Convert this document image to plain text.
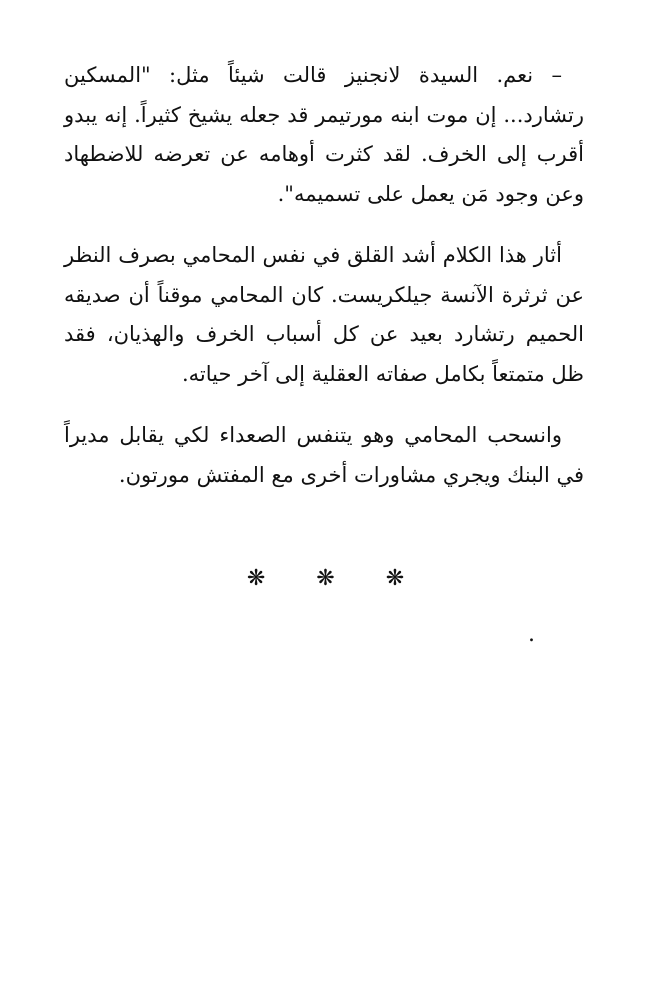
– نعم. السيدة لانجنيز قالت شيئاً مثل: "المسكين رتشارد... إن موت ابنه مورتيمر قد جعله يشيخ كثيراً. إنه يبدو أقرب إلى الخرف. لقد كثرت أوهامه عن تعرضه للاضطهاد وعن وجود مَن يعمل على تسميمه".

أثار هذا الكلام أشد القلق في نفس المحامي بصرف النظر عن ثرثرة الآنسة جيلكريست. كان المحامي موقناً أن صديقه الحميم رتشارد بعيد عن كل أسباب الخرف والهذيان، فقد ظل متمتعاً بكامل صفاته العقلية إلى آخر حياته.

وانسحب المحامي وهو يتنفس الصعداء لكي يقابل مديراً في البنك ويجري مشاورات أخرى مع المفتش مورتون.

❋ ❋ ❋
.
